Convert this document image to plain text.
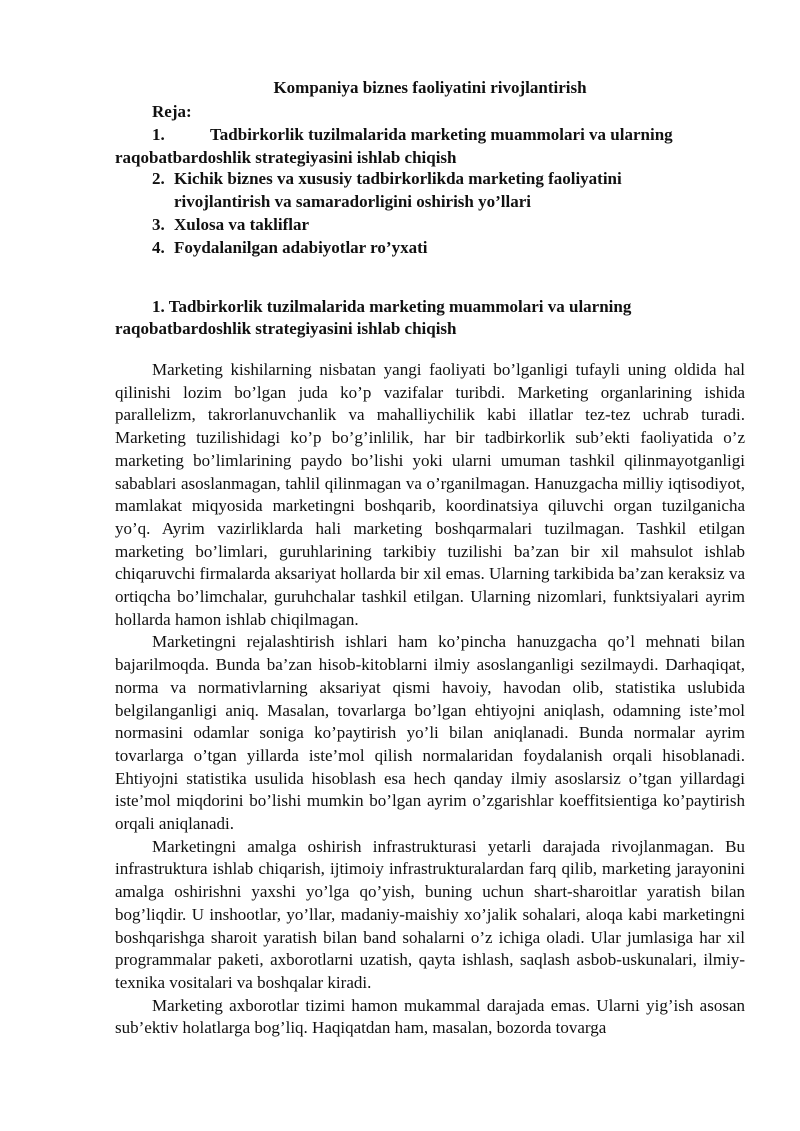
Kompaniya biznes faoliyatini rivojlantirish
Reja:
1.	Tadbirkorlik tuzilmalarida marketing muammolari va ularning raqobatbardoshlik strategiyasini ishlab chiqish
2. Kichik biznes va xususiy tadbirkorlikda marketing faoliyatini rivojlantirish va samaradorligini oshirish yo’llari
3. Xulosa va takliflar
4. Foydalanilgan adabiyotlar ro’yxati
1. Tadbirkorlik tuzilmalarida marketing muammolari va ularning raqobatbardoshlik strategiyasini ishlab chiqish

Marketing kishilarning nisbatan yangi faoliyati bo’lganligi tufayli uning oldida hal qilinishi lozim bo’lgan juda ko’p vazifalar turibdi. Marketing organlarining ishida parallelizm, takrorlanuvchanlik va mahalliychilik kabi illatlar tez-tez uchrab turadi. Marketing tuzilishidagi ko’p bo’g’inlilik, har bir tadbirkorlik sub’ekti faoliyatida o’z marketing bo’limlarining paydo bo’lishi yoki ularni umuman tashkil qilinmayotganligi sabablari asoslanmagan, tahlil qilinmagan va o’rganilmagan. Hanuzgacha milliy iqtisodiyot, mamlakat miqyosida marketingni boshqarib, koordinatsiya qiluvchi organ tuzilganicha yo’q. Ayrim vazirliklarda hali marketing boshqarmalari tuzilmagan. Tashkil etilgan marketing bo’limlari, guruhlarining tarkibiy tuzilishi ba’zan bir xil mahsulot ishlab chiqaruvchi firmalarda aksariyat hollarda bir xil emas. Ularning tarkibida ba’zan keraksiz va ortiqcha bo’limchalar, guruhchalar tashkil etilgan. Ularning nizomlari, funktsiyalari ayrim hollarda hamon ishlab chiqilmagan.

Marketingni rejalashtirish ishlari ham ko’pincha hanuzgacha qo’l mehnati bilan bajarilmoqda. Bunda ba’zan hisob-kitoblarni ilmiy asoslanganligi sezilmaydi. Darhaqiqat, norma va normativlarning aksariyat qismi havoiy, havodan olib, statistika uslubida belgilanganligi aniq. Masalan, tovarlarga bo’lgan ehtiyojni aniqlash, odamning iste’mol normasini odamlar soniga ko’paytirish yo’li bilan aniqlanadi. Bunda normalar ayrim tovarlarga o’tgan yillarda iste’mol qilish normalaridan foydalanish orqali hisoblanadi. Ehtiyojni statistika usulida hisoblash esa hech qanday ilmiy asoslarsiz o’tgan yillardagi iste’mol miqdorini bo’lishi mumkin bo’lgan ayrim o’zgarishlar koeffitsientiga ko’paytirish orqali aniqlanadi.

Marketingni amalga oshirish infrastrukturasi yetarli darajada rivojlanmagan. Bu infrastruktura ishlab chiqarish, ijtimoiy infrastrukturalardan farq qilib, marketing jarayonini amalga oshirishni yaxshi yo’lga qo’yish, buning uchun shart-sharoitlar yaratish bilan bog’liqdir. U inshootlar, yo’llar, madaniy-maishiy xo’jalik sohalari, aloqa kabi marketingni boshqarishga sharoit yaratish bilan band sohalarni o’z ichiga oladi. Ular jumlasiga har xil programmalar paketi, axborotlarni uzatish, qayta ishlash, saqlash asbob-uskunalari, ilmiy-texnika vositalari va boshqalar kiradi.

Marketing axborotlar tizimi hamon mukammal darajada emas. Ularni yig’ish asosan sub’ektiv holatlarga bog’liq. Haqiqatdan ham, masalan, bozorda tovarga
